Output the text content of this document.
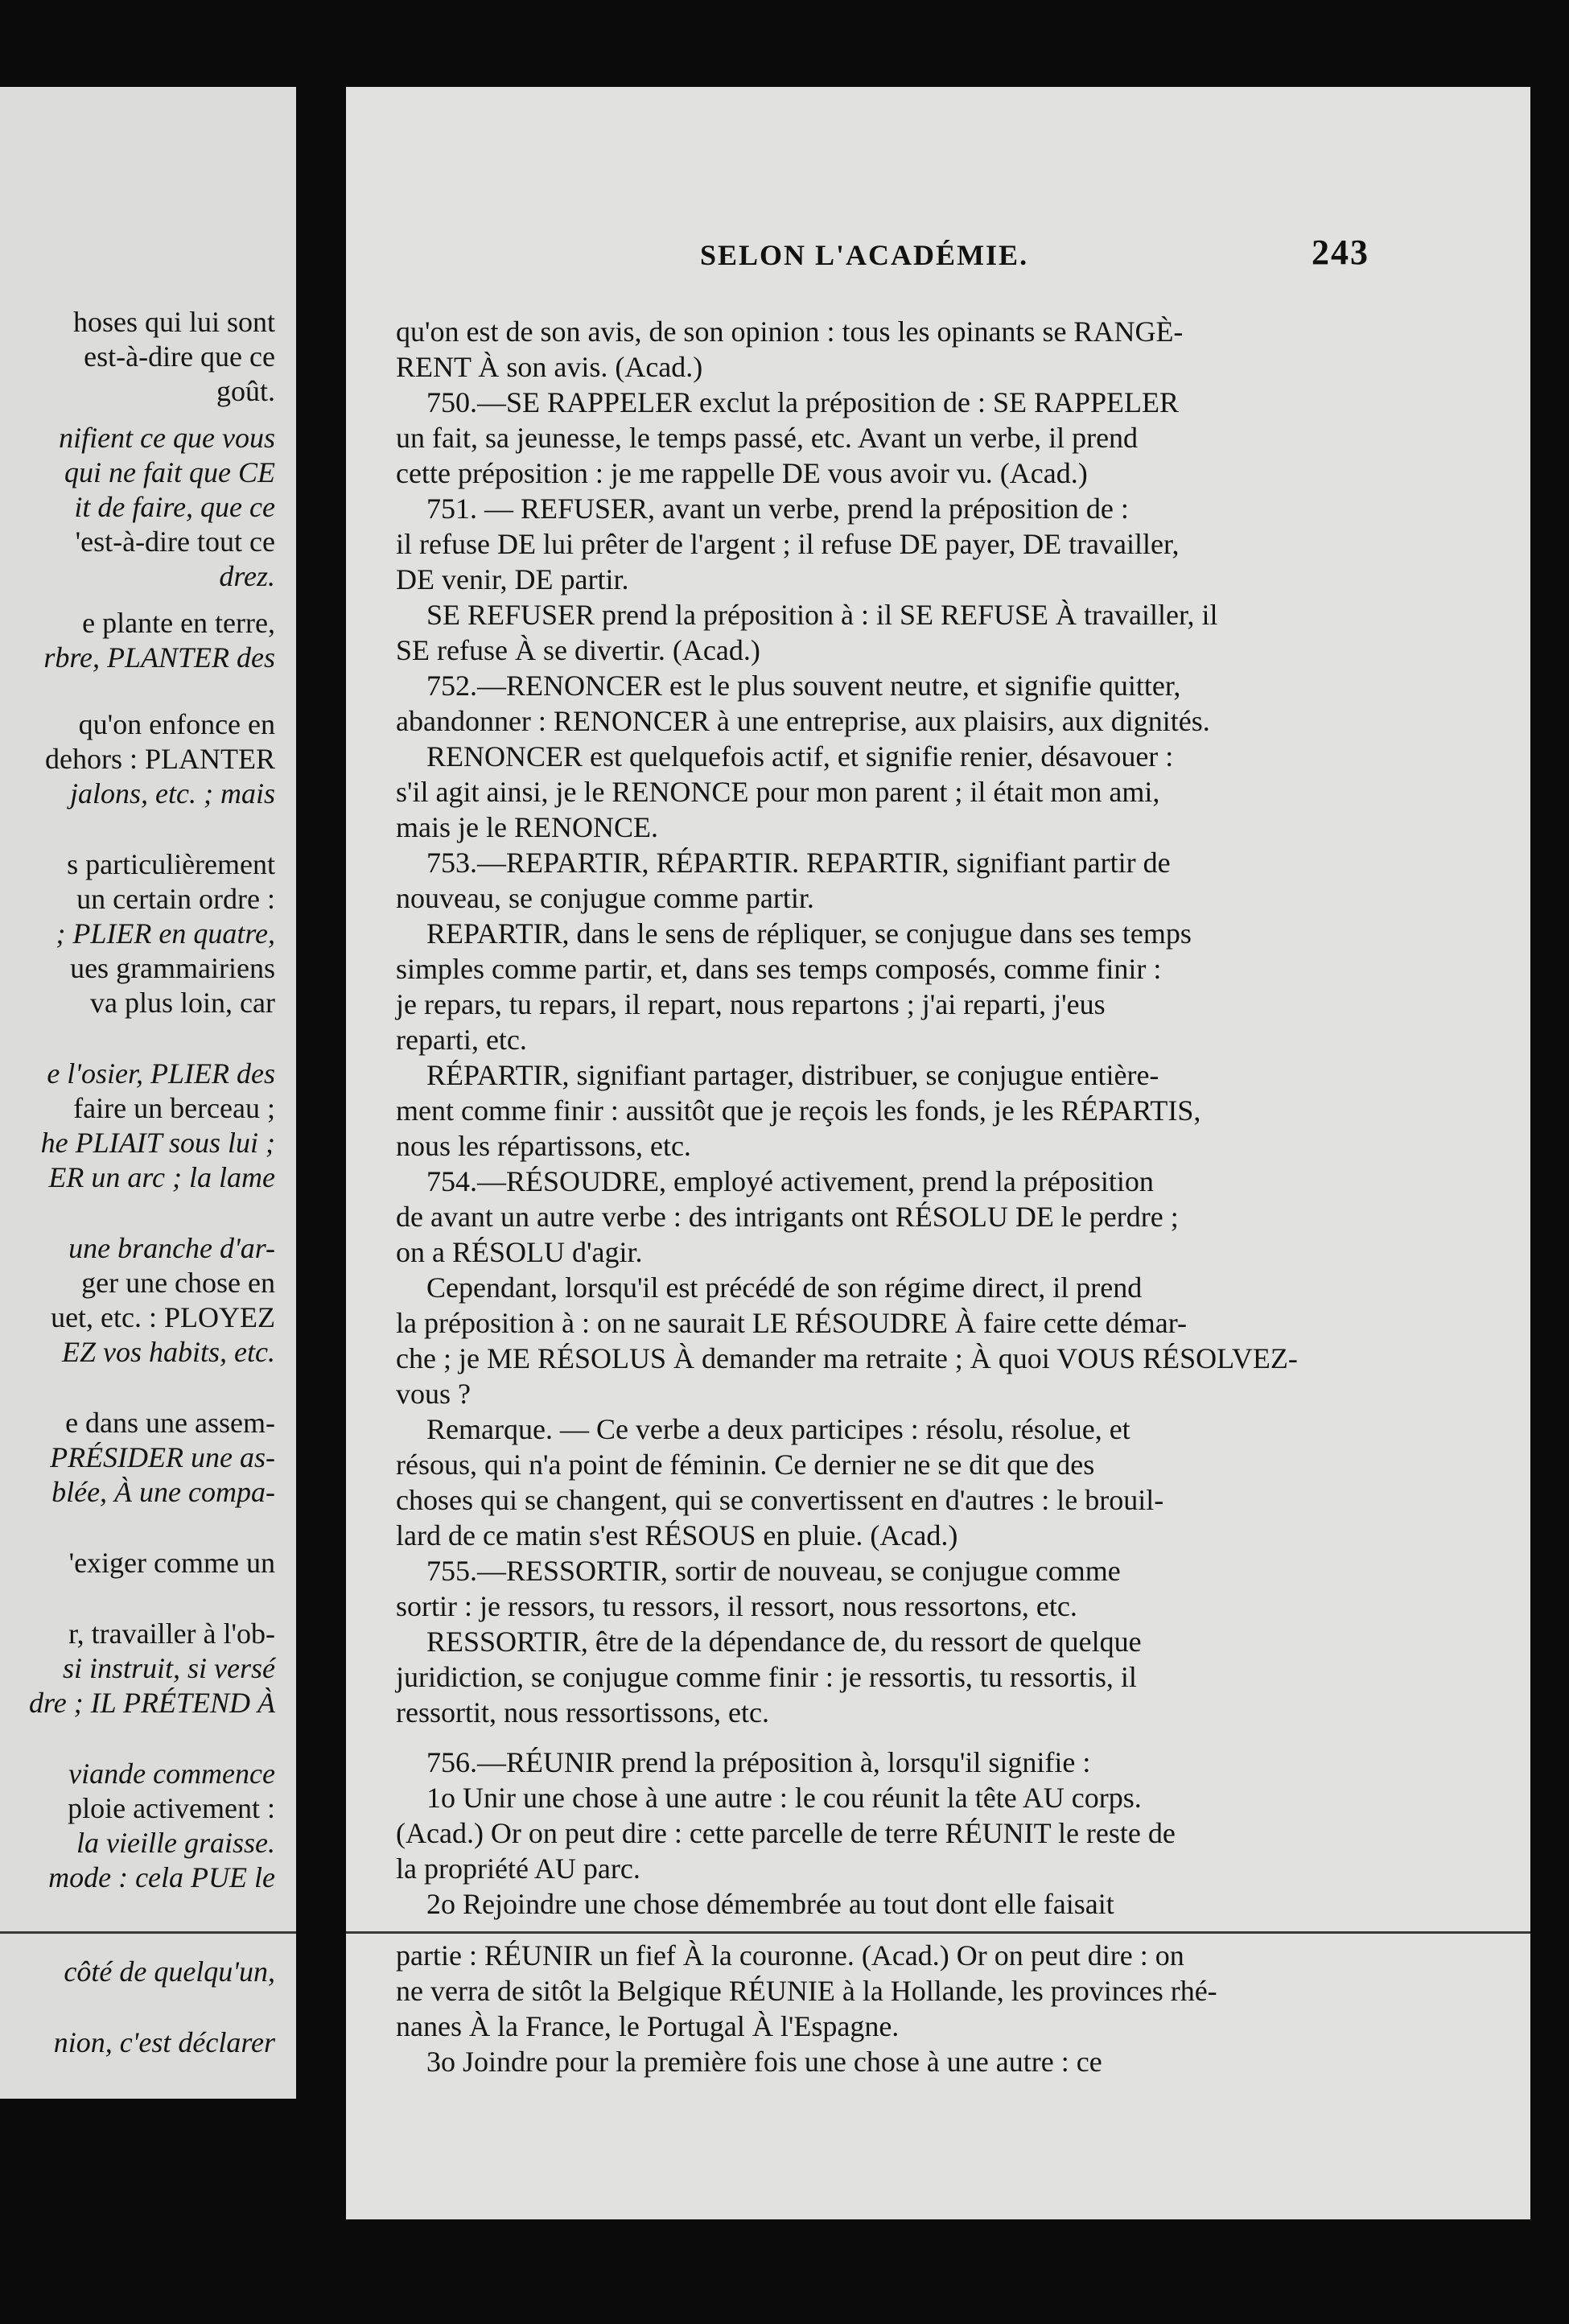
hoses qui lui sont
est-à-dire que ce
goût.
nifient ce que vous
qui ne fait que CE
it de faire, que ce
'est-à-dire tout ce
drez.
e plante en terre,
rbre, PLANTER des
qu'on enfonce en
dehors : PLANTER
jalons, etc. ; mais
s particulièrement
un certain ordre :
; PLIER en quatre,
ues grammairiens
va plus loin, car
e l'osier, PLIER des
faire un berceau ;
he PLIAIT sous lui ;
ER un arc ; la lame
une branche d'ar-
ger une chose en
uet, etc. : PLOYEZ
EZ vos habits, etc.
e dans une assem-
PRÉSIDER une as-
blée, À une compa-
'exiger comme un
r, travailler à l'ob-
si instruit, si versé
dre ; IL PRÉTEND À
viande commence
ploie activement :
la vieille graisse.
mode : cela PUE le
côté de quelqu'un,
nion, c'est déclarer
SELON L'ACADÉMIE.	243
qu'on est de son avis, de son opinion : tous les opinants se RANGÈ-
RENT À son avis. (Acad.)
750.—SE RAPPELER exclut la préposition de : SE RAPPELER
un fait, sa jeunesse, le temps passé, etc. Avant un verbe, il prend
cette préposition : je me rappelle DE vous avoir vu. (Acad.)
751. — REFUSER, avant un verbe, prend la préposition de :
il refuse DE lui prêter de l'argent ; il refuse DE payer, DE travailler,
DE venir, DE partir.
SE REFUSER prend la préposition à : il SE REFUSE À travailler, il
SE refuse À se divertir. (Acad.)
752.—RENONCER est le plus souvent neutre, et signifie quitter,
abandonner : RENONCER à une entreprise, aux plaisirs, aux dignités.
RENONCER est quelquefois actif, et signifie renier, désavouer :
s'il agit ainsi, je le RENONCE pour mon parent ; il était mon ami,
mais je le RENONCE.
753.—REPARTIR, RÉPARTIR. REPARTIR, signifiant partir de
nouveau, se conjugue comme partir.
REPARTIR, dans le sens de répliquer, se conjugue dans ses temps
simples comme partir, et, dans ses temps composés, comme finir :
je repars, tu repars, il repart, nous repartons ; j'ai reparti, j'eus
reparti, etc.
RÉPARTIR, signifiant partager, distribuer, se conjugue entière-
ment comme finir : aussitôt que je reçois les fonds, je les RÉPARTIS,
nous les répartissons, etc.
754.—RÉSOUDRE, employé activement, prend la préposition
de avant un autre verbe : des intrigants ont RÉSOLU DE le perdre ;
on a RÉSOLU d'agir.
Cependant, lorsqu'il est précédé de son régime direct, il prend
la préposition à : on ne saurait LE RÉSOUDRE À faire cette démar-
che ; je ME RÉSOLUS À demander ma retraite ; À quoi VOUS RÉSOLVEZ-
vous ?
Remarque. — Ce verbe a deux participes : résolu, résolue, et
résous, qui n'a point de féminin. Ce dernier ne se dit que des
choses qui se changent, qui se convertissent en d'autres : le brouil-
lard de ce matin s'est RÉSOUS en pluie. (Acad.)
755.—RESSORTIR, sortir de nouveau, se conjugue comme
sortir : je ressors, tu ressors, il ressort, nous ressortons, etc.
RESSORTIR, être de la dépendance de, du ressort de quelque
juridiction, se conjugue comme finir : je ressortis, tu ressortis, il
ressortit, nous ressortissons, etc.
756.—RÉUNIR prend la préposition à, lorsqu'il signifie :
1o Unir une chose à une autre : le cou réunit la tête AU corps.
(Acad.) Or on peut dire : cette parcelle de terre RÉUNIT le reste de
la propriété AU parc.
2o Rejoindre une chose démembrée au tout dont elle faisait
partie : RÉUNIR un fief À la couronne. (Acad.) Or on peut dire : on
ne verra de sitôt la Belgique RÉUNIE à la Hollande, les provinces rhé-
nanes À la France, le Portugal À l'Espagne.
3o Joindre pour la première fois une chose à une autre : ce
